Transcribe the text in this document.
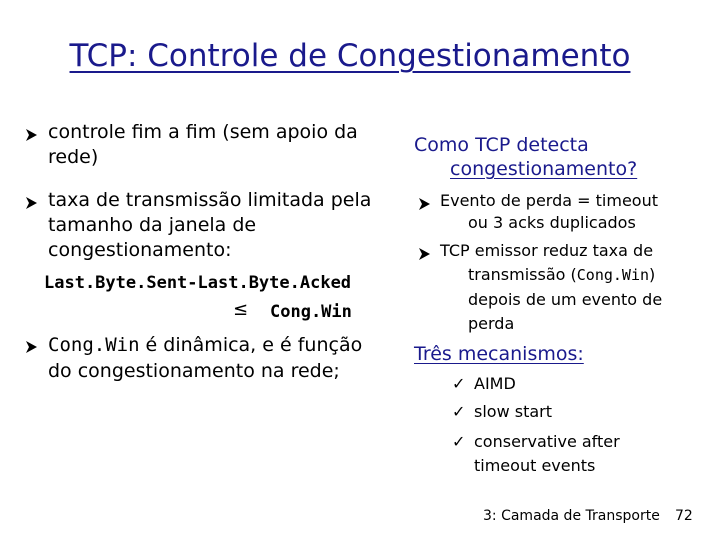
TCP: Controle de Congestionamento
controle fim a fim (sem apoio da
rede)
taxa de transmissão limitada pela
tamanho da janela de
congestionamento:
Last.Byte.Sent-Last.Byte.Acked
≤ Cong.Win
Cong.Win é dinâmica, e é função
do congestionamento na rede;
Como TCP detecta
congestionamento?
Evento de perda = timeout
ou 3 acks duplicados
TCP emissor reduz taxa de
transmissão (Cong.Win)
depois de um evento de
perda
Três mecanismos:
✓ AIMD
✓ slow start
✓ conservative after
timeout events
3: Camada de Transporte 72
